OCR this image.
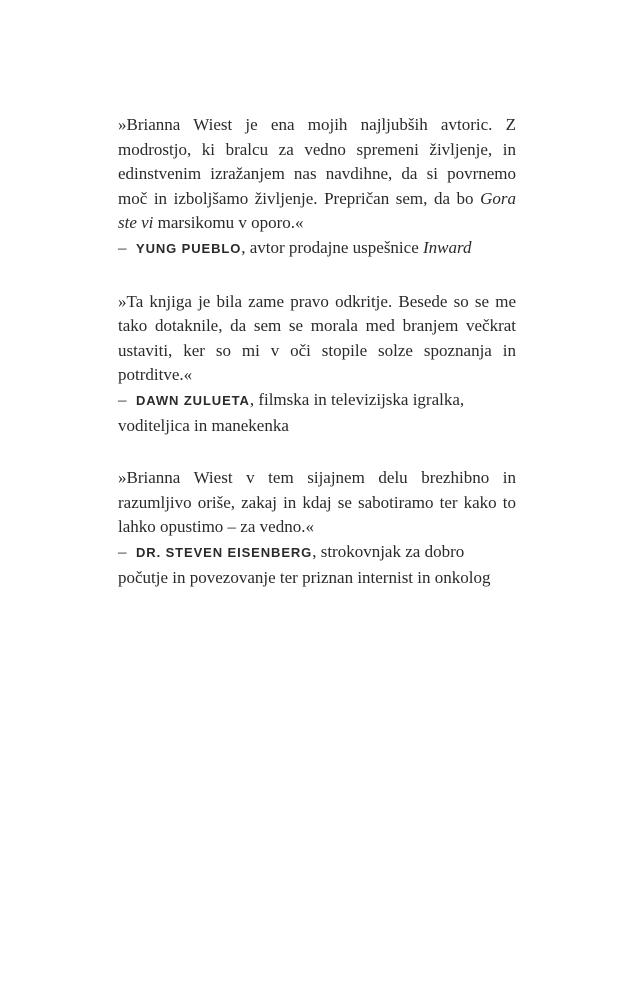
»Brianna Wiest je ena mojih najljubših avtoric. Z modrostjo, ki bralcu za vedno spremeni življenje, in edinstvenim izražanjem nas navdihne, da si povrnemo moč in izboljšamo življenje. Prepričan sem, da bo Gora ste vi marsikomu v oporo.«

– YUNG PUEBLO, avtor prodajne uspešnice Inward

»Ta knjiga je bila zame pravo odkritje. Besede so se me tako dotaknile, da sem se morala med branjem večkrat ustaviti, ker so mi v oči stopile solze spoznanja in potrditve.«

– DAWN ZULUETA, filmska in televizijska igralka, voditeljica in manekenka

»Brianna Wiest v tem sijajnem delu brezhibno in razumljivo oriše, zakaj in kdaj se sabotiramo ter kako to lahko opustimo – za vedno.«

– DR. STEVEN EISENBERG, strokovnjak za dobro počutje in povezovanje ter priznan internist in onkolog
